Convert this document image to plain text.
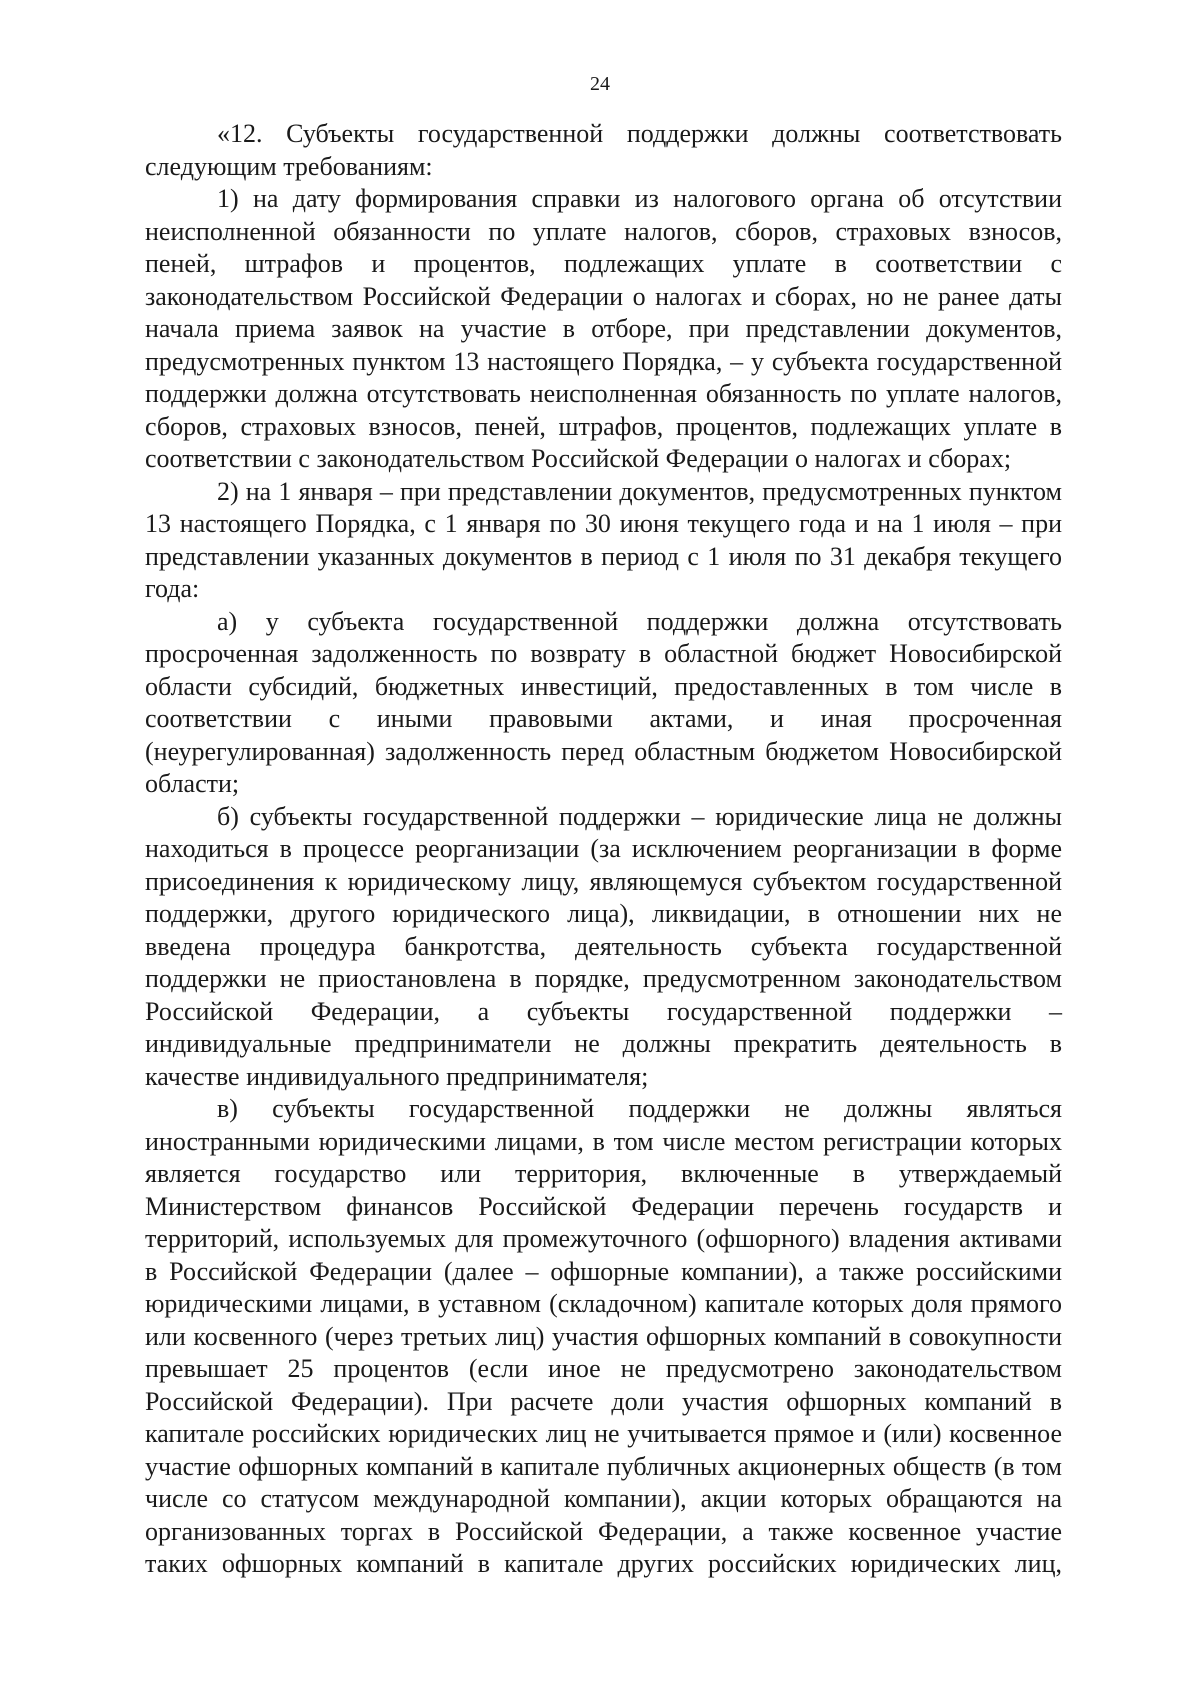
24

«12. Субъекты государственной поддержки должны соответствовать следующим требованиям:

1) на дату формирования справки из налогового органа об отсутствии неисполненной обязанности по уплате налогов, сборов, страховых взносов, пеней, штрафов и процентов, подлежащих уплате в соответствии с законодательством Российской Федерации о налогах и сборах, но не ранее даты начала приема заявок на участие в отборе, при представлении документов, предусмотренных пунктом 13 настоящего Порядка, – у субъекта государственной поддержки должна отсутствовать неисполненная обязанность по уплате налогов, сборов, страховых взносов, пеней, штрафов, процентов, подлежащих уплате в соответствии с законодательством Российской Федерации о налогах и сборах;

2) на 1 января – при представлении документов, предусмотренных пунктом 13 настоящего Порядка, с 1 января по 30 июня текущего года и на 1 июля – при представлении указанных документов в период с 1 июля по 31 декабря текущего года:

а) у субъекта государственной поддержки должна отсутствовать просроченная задолженность по возврату в областной бюджет Новосибирской области субсидий, бюджетных инвестиций, предоставленных в том числе в соответствии с иными правовыми актами, и иная просроченная (неурегулированная) задолженность перед областным бюджетом Новосибирской области;

б) субъекты государственной поддержки – юридические лица не должны находиться в процессе реорганизации (за исключением реорганизации в форме присоединения к юридическому лицу, являющемуся субъектом государственной поддержки, другого юридического лица), ликвидации, в отношении них не введена процедура банкротства, деятельность субъекта государственной поддержки не приостановлена в порядке, предусмотренном законодательством Российской Федерации, а субъекты государственной поддержки – индивидуальные предприниматели не должны прекратить деятельность в качестве индивидуального предпринимателя;

в) субъекты государственной поддержки не должны являться иностранными юридическими лицами, в том числе местом регистрации которых является государство или территория, включенные в утверждаемый Министерством финансов Российской Федерации перечень государств и территорий, используемых для промежуточного (офшорного) владения активами в Российской Федерации (далее – офшорные компании), а также российскими юридическими лицами, в уставном (складочном) капитале которых доля прямого или косвенного (через третьих лиц) участия офшорных компаний в совокупности превышает 25 процентов (если иное не предусмотрено законодательством Российской Федерации). При расчете доли участия офшорных компаний в капитале российских юридических лиц не учитывается прямое и (или) косвенное участие офшорных компаний в капитале публичных акционерных обществ (в том числе со статусом международной компании), акции которых обращаются на организованных торгах в Российской Федерации, а также косвенное участие таких офшорных компаний в капитале других российских юридических лиц,
